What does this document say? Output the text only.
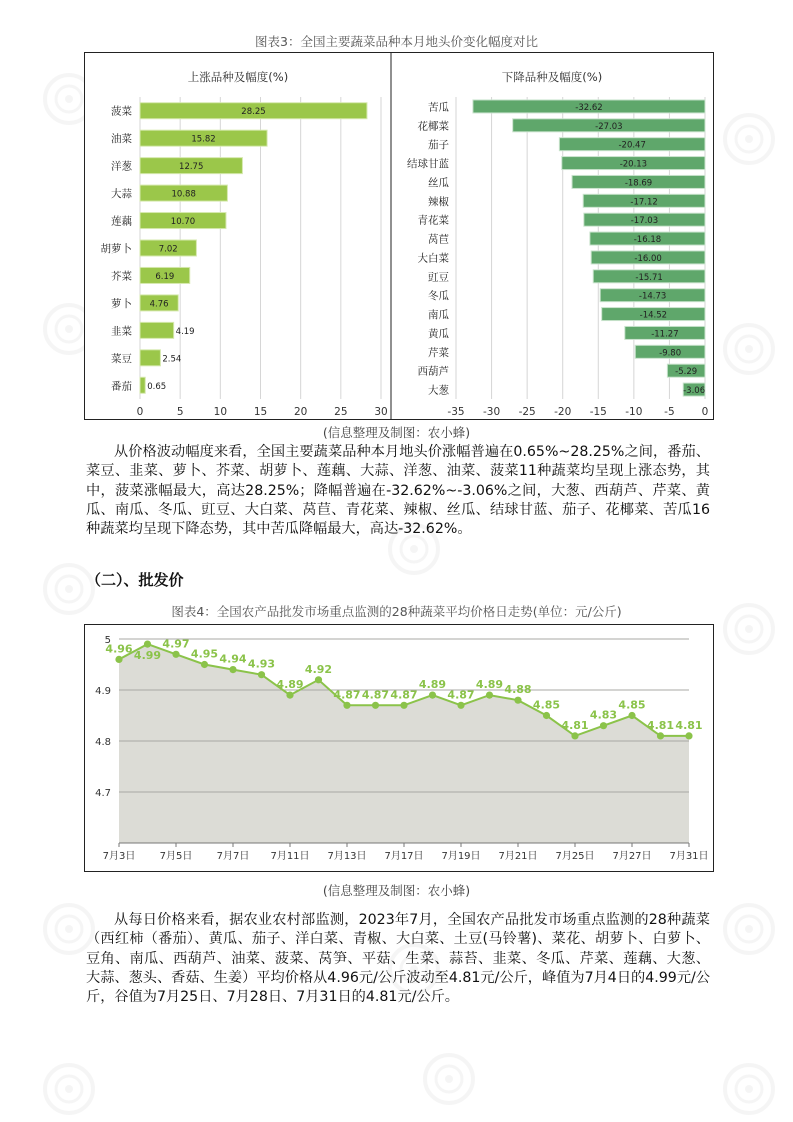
图表3：全国主要蔬菜品种本月地头价变化幅度对比
上涨品种及幅度(%)	下降品种及幅度(%)
0	5	10	15	20	25	30
菠菜	28.25
油菜	15.82
洋葱	12.75
大蒜	10.88
莲藕	10.70
胡萝卜	7.02
芥菜	6.19
萝卜 4.76
韭菜	4.19
菜豆	2.54
番茄 0.65
-35 -30 -25 -20 -15 -10 -5	0
苦瓜	-32.62
花椰菜	-27.03
茄子	-20.47
结球甘蓝	-20.13
丝瓜	-18.69
辣椒	-17.12
青花菜	-17.03
莴苣	-16.18
大白菜	-16.00
豇豆	-15.71
冬瓜	-14.73
南瓜	-14.52
黄瓜	-11.27
芹菜	-9.80
西葫芦	-5.29
大葱	-3.06
(信息整理及制图：农小蜂)
从价格波动幅度来看，全国主要蔬菜品种本月地头价涨幅普遍在0.65%~28.25%之间，番茄、菜豆、韭菜、萝卜、芥菜、胡萝卜、莲藕、大蒜、洋葱、油菜、菠菜11种蔬菜均呈现上涨态势，其中，菠菜涨幅最大，高达28.25%；降幅普遍在-32.62%~-3.06%之间，大葱、西葫芦、芹菜、黄瓜、南瓜、冬瓜、豇豆、大白菜、莴苣、青花菜、辣椒、丝瓜、结球甘蓝、茄子、花椰菜、苦瓜16种蔬菜均呈现下降态势，其中苦瓜降幅最大，高达-32.62%。
（二）、批发价
图表4：全国农产品批发市场重点监测的28种蔬菜平均价格日走势(单位：元/公斤)
4.7
4.8
4.9
5
7月3日 7月5日 7月7日 7月11日 7月13日 7月17日 7月19日 7月21日 7月25日 7月27日 7月31日
4.96
4.99
4.97
4.95 4.94 4.93
4.89
4.92
4.87 4.87 4.87
4.89
4.87
4.89 4.88
4.85
4.81
4.83
4.85
4.81 4.81
(信息整理及制图：农小蜂)
从每日价格来看，据农业农村部监测，2023年7月，全国农产品批发市场重点监测的28种蔬菜（西红柿（番茄）、黄瓜、茄子、洋白菜、青椒、大白菜、土豆(马铃薯)、菜花、胡萝卜、白萝卜、豆角、南瓜、西葫芦、油菜、菠菜、莴笋、平菇、生菜、蒜苔、韭菜、冬瓜、芹菜、莲藕、大葱、大蒜、葱头、香菇、生姜）平均价格从4.96元/公斤波动至4.81元/公斤，峰值为7月4日的4.99元/公斤，谷值为7月25日、7月28日、7月31日的4.81元/公斤。
